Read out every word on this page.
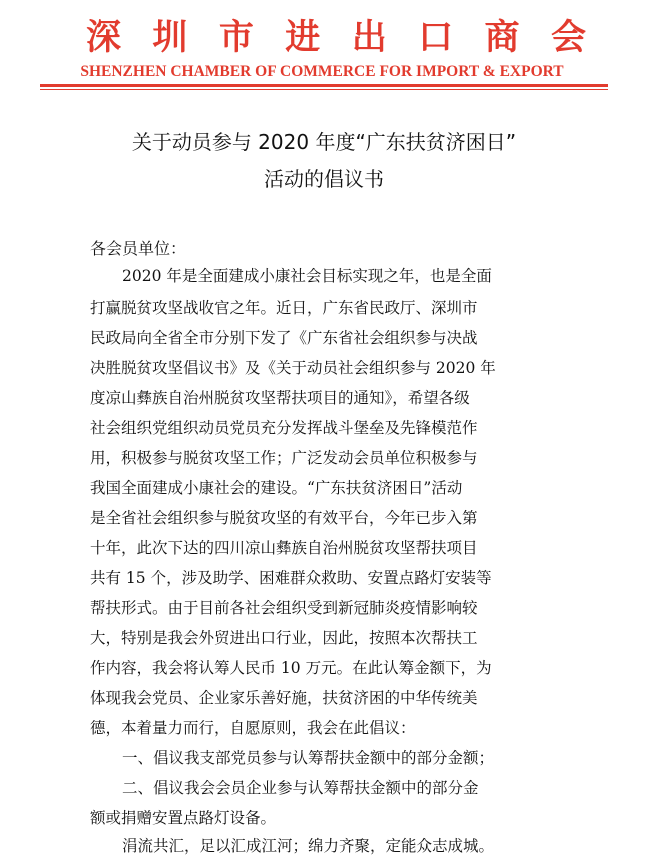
深 圳 市 进 出 口 商 会
SHENZHEN CHAMBER OF COMMERCE FOR IMPORT & EXPORT
关于动员参与 2020 年度“广东扶贫济困日”
活动的倡议书
各会员单位：
2020 年是全面建成小康社会目标实现之年，也是全面
打赢脱贫攻坚战收官之年。近日，广东省民政厅、深圳市
民政局向全省全市分别下发了《广东省社会组织参与决战
决胜脱贫攻坚倡议书》及《关于动员社会组织参与 2020 年
度凉山彝族自治州脱贫攻坚帮扶项目的通知》，希望各级
社会组织党组织动员党员充分发挥战斗堡垒及先锋模范作
用，积极参与脱贫攻坚工作；广泛发动会员单位积极参与
我国全面建成小康社会的建设。“广东扶贫济困日”活动
是全省社会组织参与脱贫攻坚的有效平台，今年已步入第
十年，此次下达的四川凉山彝族自治州脱贫攻坚帮扶项目
共有 15 个，涉及助学、困难群众救助、安置点路灯安装等
帮扶形式。由于目前各社会组织受到新冠肺炎疫情影响较
大，特别是我会外贸进出口行业，因此，按照本次帮扶工
作内容，我会将认筹人民币 10 万元。在此认筹金额下，为
体现我会党员、企业家乐善好施，扶贫济困的中华传统美
德，本着量力而行，自愿原则，我会在此倡议：
一、倡议我支部党员参与认筹帮扶金额中的部分金额；
二、倡议我会会员企业参与认筹帮扶金额中的部分金
额或捐赠安置点路灯设备。
涓流共汇，足以汇成江河；绵力齐聚，定能众志成城。
